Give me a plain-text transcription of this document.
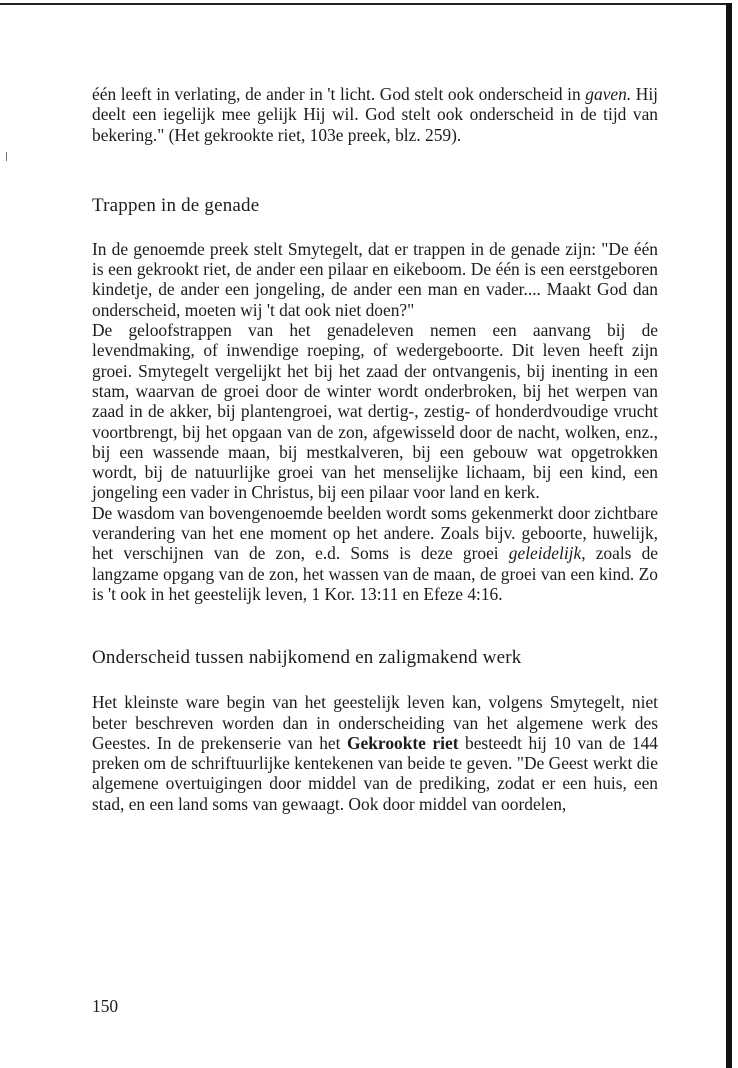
één leeft in verlating, de ander in 't licht. God stelt ook onderscheid in gaven. Hij deelt een iegelijk mee gelijk Hij wil. God stelt ook onderscheid in de tijd van bekering." (Het gekrookte riet, 103e preek, blz. 259).

Trappen in de genade

In de genoemde preek stelt Smytegelt, dat er trappen in de genade zijn: "De één is een gekrookt riet, de ander een pilaar en eikeboom. De één is een eerstgeboren kindetje, de ander een jongeling, de ander een man en vader.... Maakt God dan onderscheid, moeten wij 't dat ook niet doen?"

De geloofstrappen van het genadeleven nemen een aanvang bij de levendmaking, of inwendige roeping, of wedergeboorte. Dit leven heeft zijn groei. Smytegelt vergelijkt het bij het zaad der ontvangenis, bij inenting in een stam, waarvan de groei door de winter wordt onderbroken, bij het werpen van zaad in de akker, bij plantengroei, wat dertig-, zestig- of honderdvoudige vrucht voortbrengt, bij het opgaan van de zon, afgewisseld door de nacht, wolken, enz., bij een wassende maan, bij mestkalveren, bij een gebouw wat opgetrokken wordt, bij de natuurlijke groei van het menselijke lichaam, bij een kind, een jongeling een vader in Christus, bij een pilaar voor land en kerk.

De wasdom van bovengenoemde beelden wordt soms gekenmerkt door zichtbare verandering van het ene moment op het andere. Zoals bijv. geboorte, huwelijk, het verschijnen van de zon, e.d. Soms is deze groei geleidelijk, zoals de langzame opgang van de zon, het wassen van de maan, de groei van een kind. Zo is 't ook in het geestelijk leven, 1 Kor. 13:11 en Efeze 4:16.

Onderscheid tussen nabijkomend en zaligmakend werk

Het kleinste ware begin van het geestelijk leven kan, volgens Smytegelt, niet beter beschreven worden dan in onderscheiding van het algemene werk des Geestes. In de prekenserie van het Gekrookte riet besteedt hij 10 van de 144 preken om de schriftuurlijke kentekenen van beide te geven. "De Geest werkt die algemene overtuigingen door middel van de prediking, zodat er een huis, een stad, en een land soms van gewaagt. Ook door middel van oordelen,

150
